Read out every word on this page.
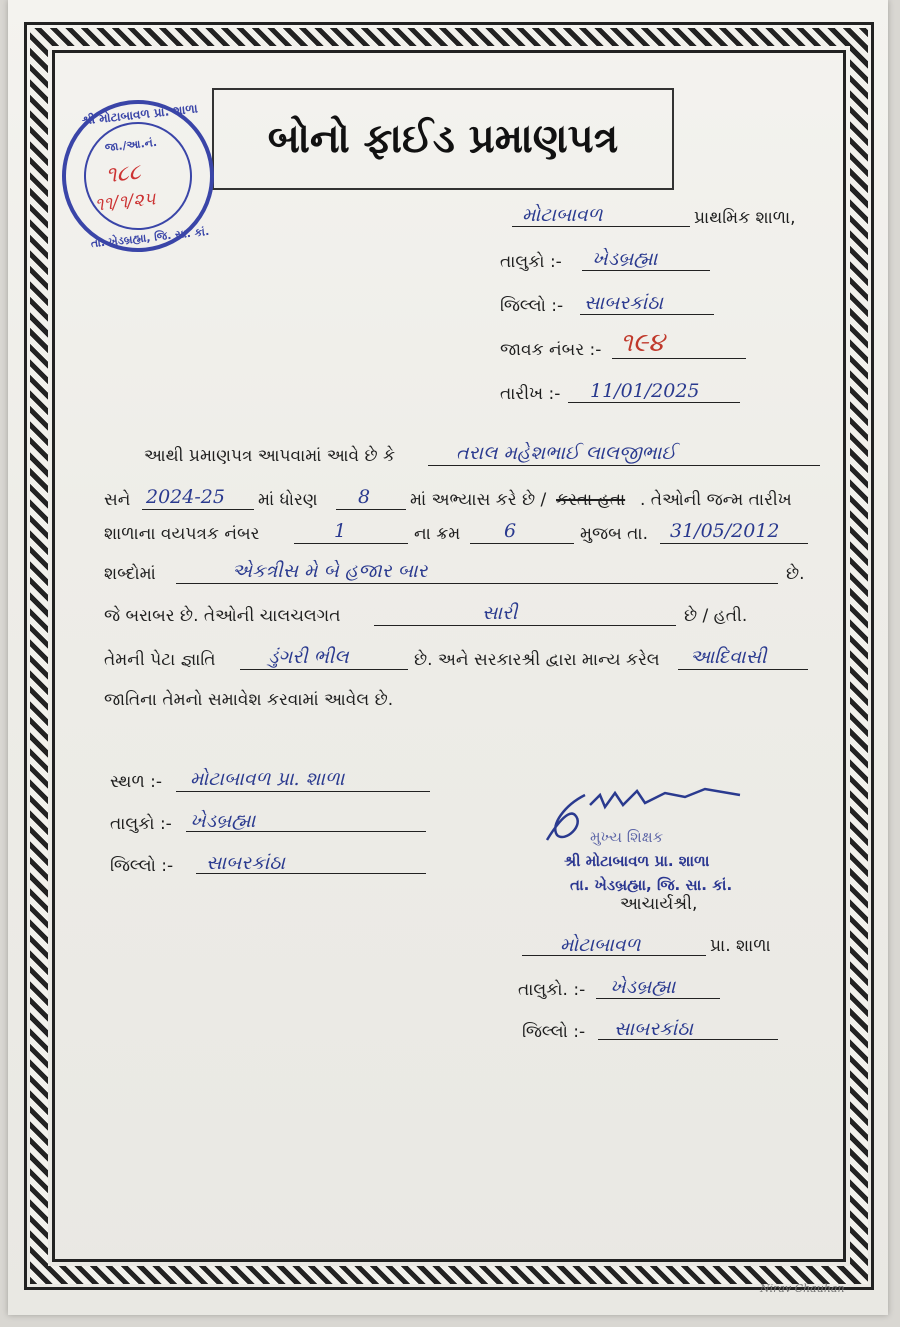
બોનો ફાઈડ પ્રમાણપત્ર
શ્રી મોટાબાવળ પ્રા. શાળા
તા. ખેડબ્રહ્મા, જિ. સા. કાં.
જા./આ.નં.
૧૮૮
૧૧/૧/૨૫	મોટાબાવળ	પ્રાથમિક શાળા,
તાલુકો :- ખેડબ્રહ્મા
જિલ્લો :- સાબરકાંઠા
જાવક નંબર :- ૧૯૪
તારીખ :- 11/01/2025
આથી પ્રમાણપત્ર આપવામાં આવે છે કે	તરાલ મહેશભાઈ લાલજીભાઈ
સને 2024-25 માં ધોરણ 8 માં અભ્યાસ કરે છે / કરતા હતા . તેઓની જન્મ તારીખ
શાળાના વયપત્રક નંબર	1	ના ક્રમ 6	મુજબ તા. 31/05/2012
શબ્દોમાં	એકત્રીસ મે બે હજાર બાર	છે.
જે બરાબર છે. તેઓની ચાલચલગત	સારી	છે / હતી.
તેમની પેટા જ્ઞાતિ	ડુંગરી ભીલ	છે. અને સરકારશ્રી દ્વારા માન્ય કરેલ આદિવાસી
જાતિના તેમનો સમાવેશ કરવામાં આવેલ છે.
સ્થળ :- મોટાબાવળ પ્રા. શાળા
તાલુકો :- ખેડબ્રહ્મા
જિલ્લો :- સાબરકાંઠા
મુખ્ય શિક્ષક
શ્રી મોટાબાવળ પ્રા. શાળા
તા. ખેડબ્રહ્મા, જિ. સા. કાં.
આચાર્યશ્રી,
મોટાબાવળ	પ્રા. શાળા
તાલુકો. :- ખેડબ્રહ્મા
જિલ્લો :- સાબરકાંઠા
Nirav Chauhan
